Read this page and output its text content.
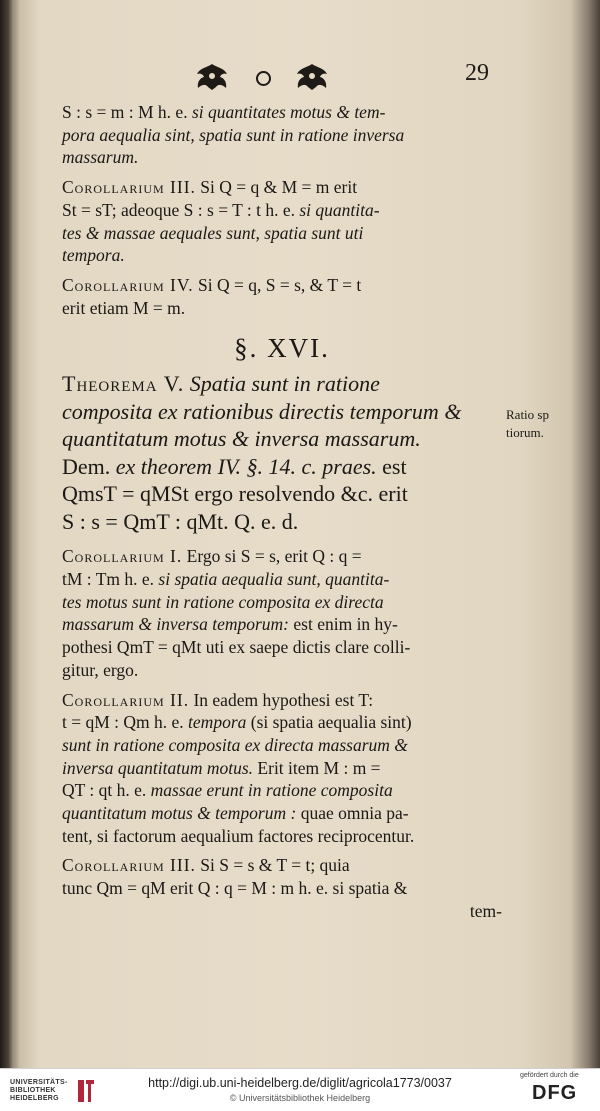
Ratio sp
tiorum.
29

S : s = m : M h. e. si quantitates motus & tem-

pora aequalia sint, spatia sunt in ratione inversa

massarum.

Corollarium III. Si Q = q & M = m erit

St = sT; adeoque S : s = T : t h. e. si quantita-

tes & massae aequales sunt, spatia sunt uti

tempora.

Corollarium IV. Si Q = q, S = s, & T = t

erit etiam M = m.

§. XVI.

Theorema V. Spatia sunt in ratione

composita ex rationibus directis temporum &

quantitatum motus & inversa massarum.

Dem. ex theorem IV. §. 14. c. praes. est

QmsT = qMSt ergo resolvendo &c. erit

S : s = QmT : qMt. Q. e. d.

Corollarium I. Ergo si S = s, erit Q : q =

tM : Tm h. e. si spatia aequalia sunt, quantita-

tes motus sunt in ratione composita ex directa

massarum & inversa temporum: est enim in hy-

pothesi QmT = qMt uti ex saepe dictis clare colli-

gitur, ergo.

Corollarium II. In eadem hypothesi est T:

t = qM : Qm h. e. tempora (si spatia aequalia sint)

sunt in ratione composita ex directa massarum &

inversa quantitatum motus. Erit item M : m =

QT : qt h. e. massae erunt in ratione composita

quantitatum motus & temporum : quae omnia pa-

tent, si factorum aequalium factores reciprocentur.

Corollarium III. Si S = s & T = t; quia

tunc Qm = qM erit Q : q = M : m h. e. si spatia &

tem-

UNIVERSITÄTS-
BIBLIOTHEK
HEIDELBERG
http://digi.ub.uni-heidelberg.de/diglit/agricola1773/0037
© Universitätsbibliothek Heidelberg
gefördert durch die
DFG
